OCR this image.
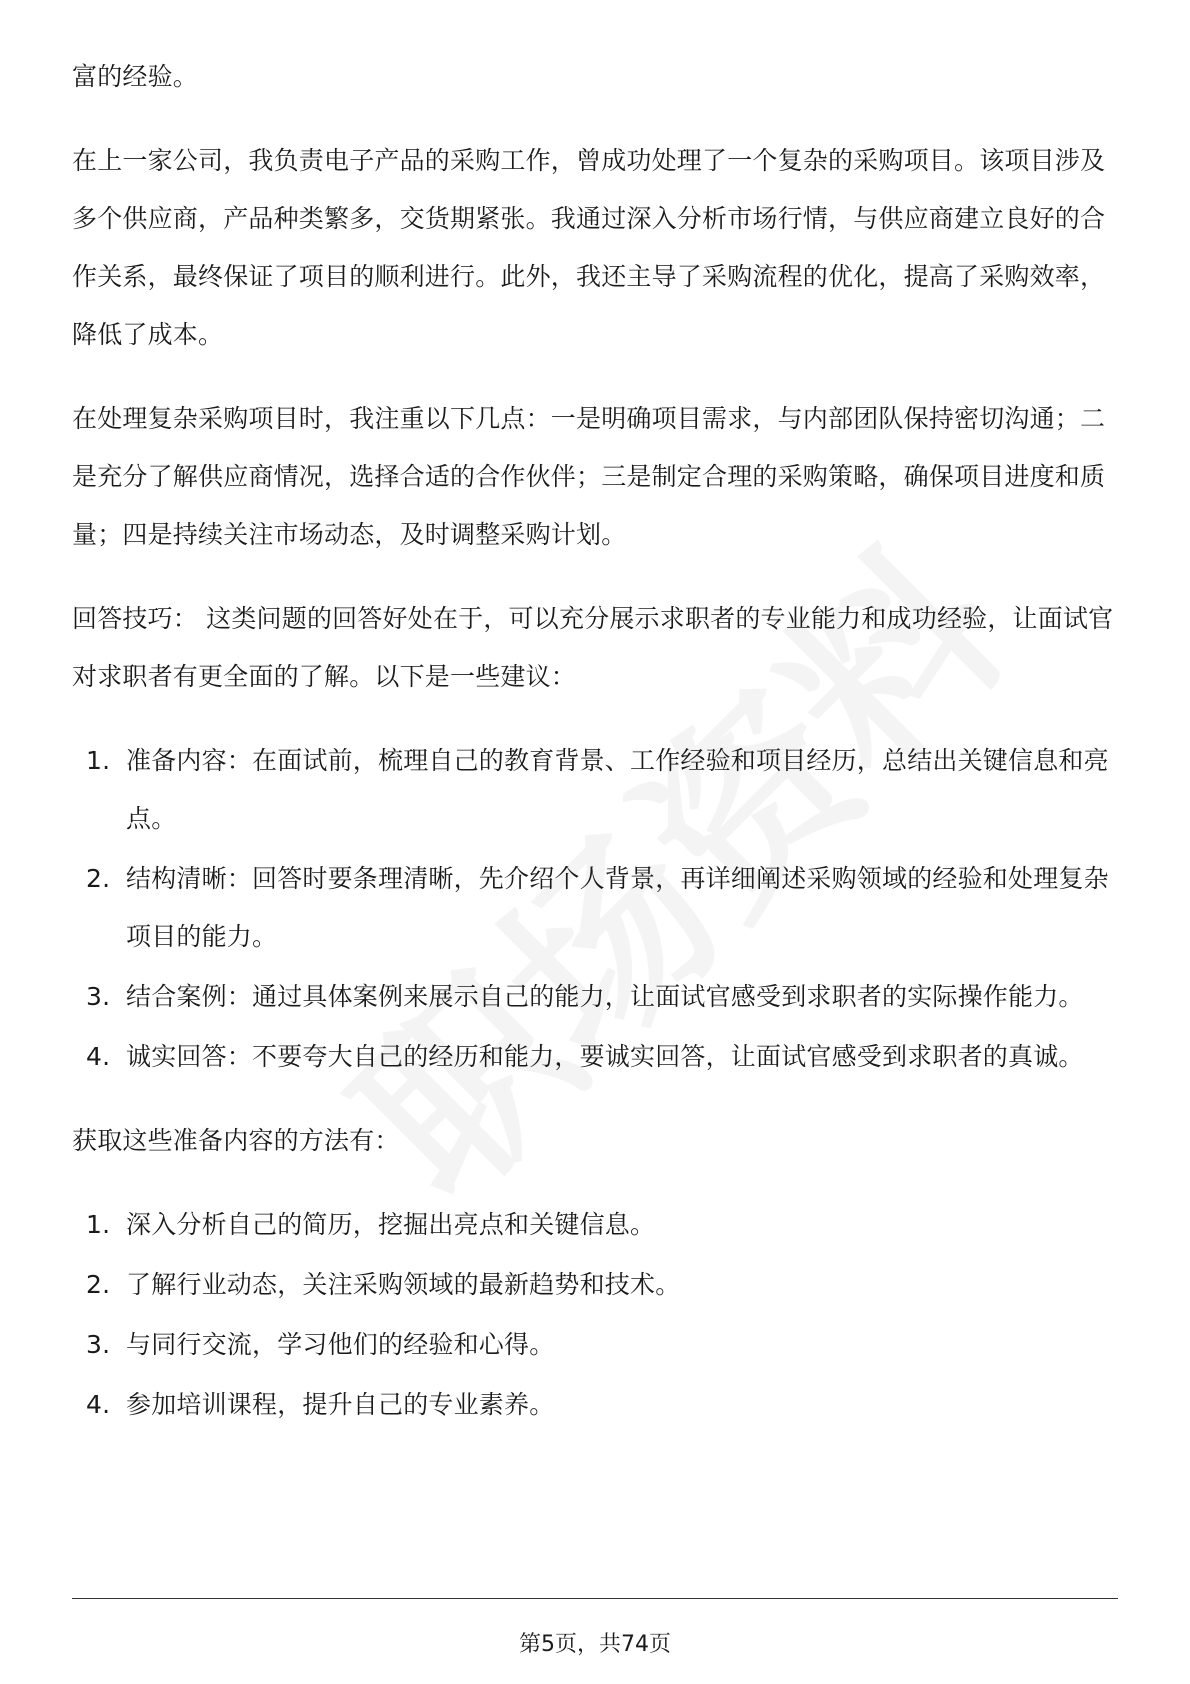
富的经验。

在上一家公司，我负责电子产品的采购工作，曾成功处理了一个复杂的采购项目。该项目涉及多个供应商，产品种类繁多，交货期紧张。我通过深入分析市场行情，与供应商建立良好的合作关系，最终保证了项目的顺利进行。此外，我还主导了采购流程的优化，提高了采购效率，降低了成本。

在处理复杂采购项目时，我注重以下几点：一是明确项目需求，与内部团队保持密切沟通；二是充分了解供应商情况，选择合适的合作伙伴；三是制定合理的采购策略，确保项目进度和质量；四是持续关注市场动态，及时调整采购计划。

回答技巧： 这类问题的回答好处在于，可以充分展示求职者的专业能力和成功经验，让面试官对求职者有更全面的了解。以下是一些建议：

1. 准备内容：在面试前，梳理自己的教育背景、工作经验和项目经历，总结出关键信息和亮点。
2. 结构清晰：回答时要条理清晰，先介绍个人背景，再详细阐述采购领域的经验和处理复杂项目的能力。
3. 结合案例：通过具体案例来展示自己的能力，让面试官感受到求职者的实际操作能力。
4. 诚实回答：不要夸大自己的经历和能力，要诚实回答，让面试官感受到求职者的真诚。

获取这些准备内容的方法有：

1. 深入分析自己的简历，挖掘出亮点和关键信息。
2. 了解行业动态，关注采购领域的最新趋势和技术。
3. 与同行交流，学习他们的经验和心得。
4. 参加培训课程，提升自己的专业素养。
第5页，共74页
